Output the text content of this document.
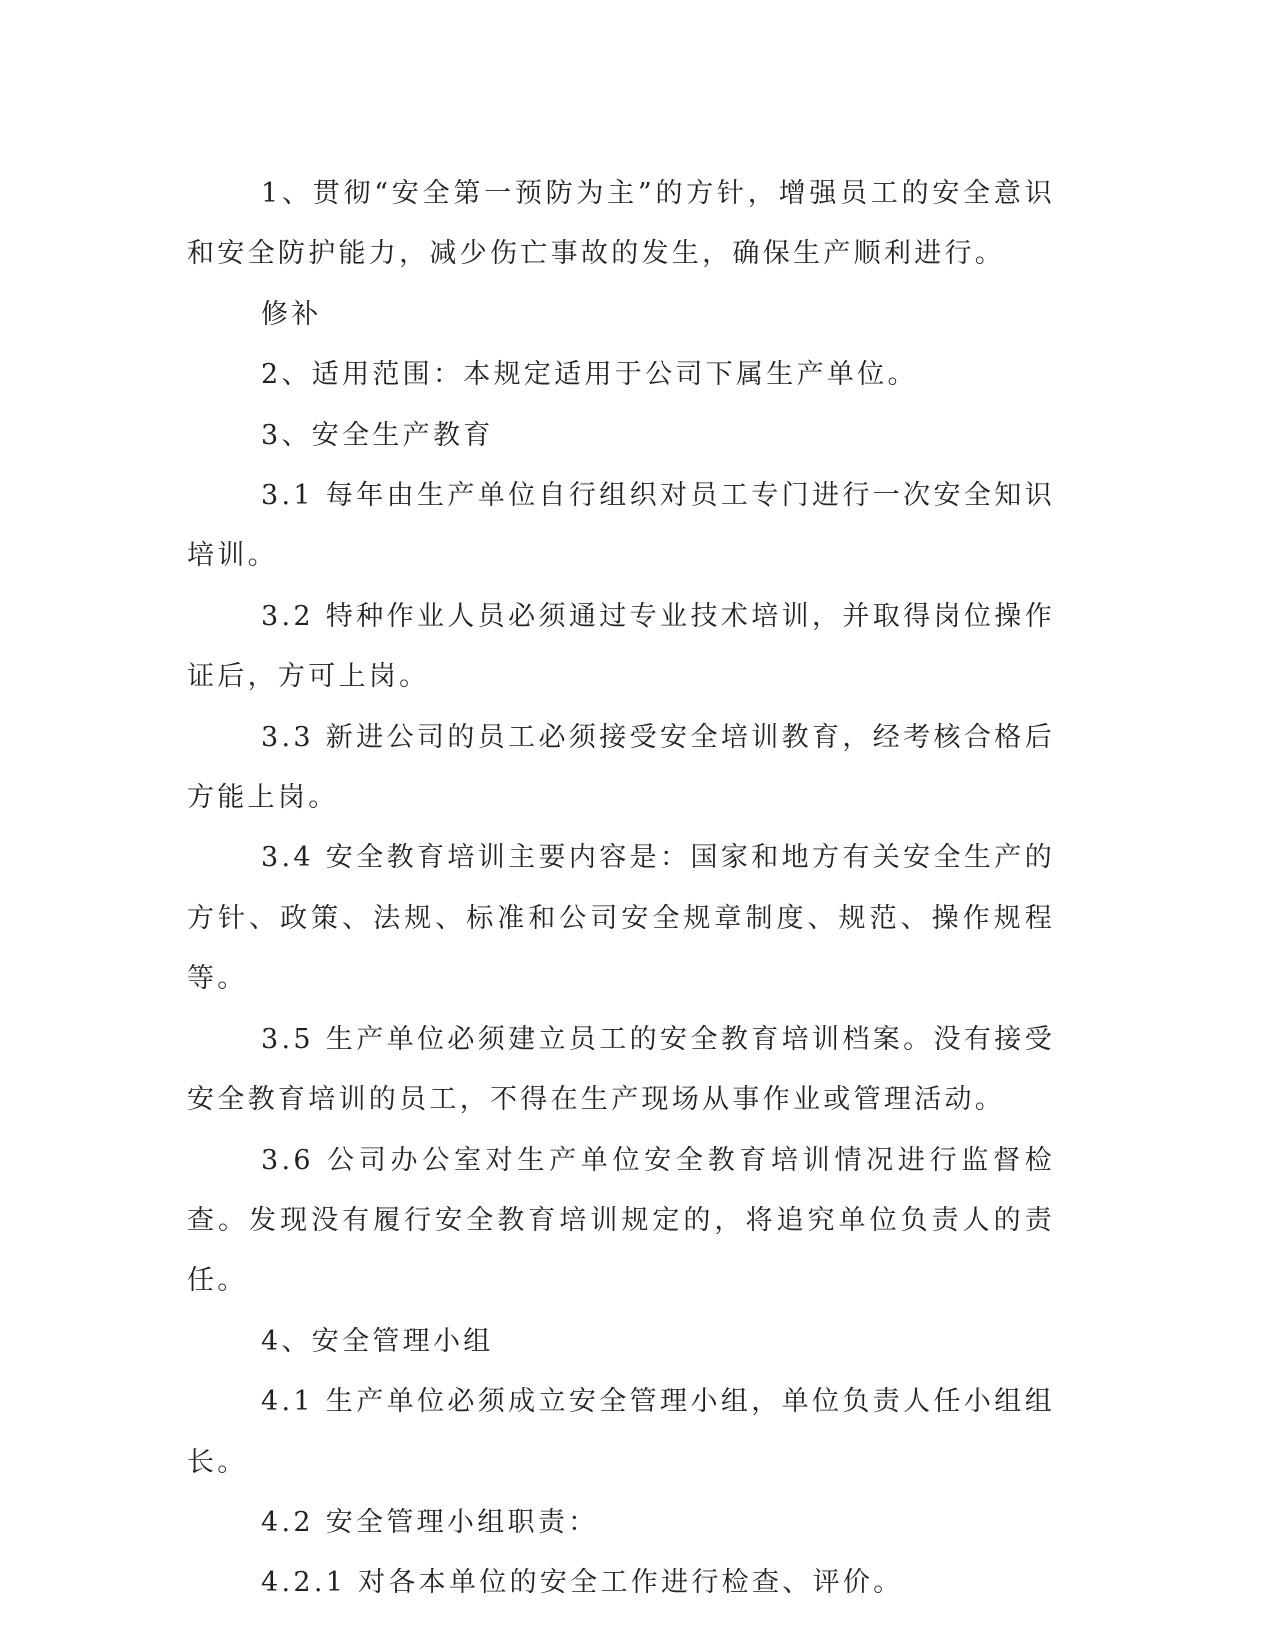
1、贯彻“安全第一预防为主”的方针，增强员工的安全意识和安全防护能力，减少伤亡事故的发生，确保生产顺利进行。

修补

2、适用范围：本规定适用于公司下属生产单位。

3、安全生产教育

3.1 每年由生产单位自行组织对员工专门进行一次安全知识培训。

3.2 特种作业人员必须通过专业技术培训，并取得岗位操作证后，方可上岗。

3.3 新进公司的员工必须接受安全培训教育，经考核合格后方能上岗。

3.4 安全教育培训主要内容是：国家和地方有关安全生产的方针、政策、法规、标准和公司安全规章制度、规范、操作规程等。

3.5 生产单位必须建立员工的安全教育培训档案。没有接受安全教育培训的员工，不得在生产现场从事作业或管理活动。

3.6 公司办公室对生产单位安全教育培训情况进行监督检查。发现没有履行安全教育培训规定的，将追究单位负责人的责任。

4、安全管理小组

4.1 生产单位必须成立安全管理小组，单位负责人任小组组长。

4.2 安全管理小组职责：

4.2.1 对各本单位的安全工作进行检查、评价。
